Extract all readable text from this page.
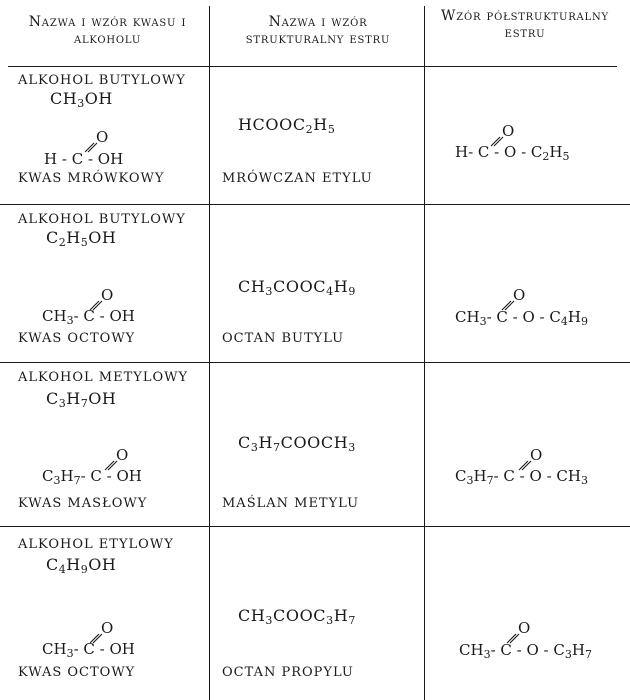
Nazwa i wzór kwasu i alkoholu
Nazwa i wzór strukturalny estru
Wzór półstrukturalny estru
ALKOHOL BUTYLOWY
$CH_3OH$
O
H - C - OH
KWAS MRÓWKOWY
$HCOOC_2H_5$
MRÓWCZAN ETYLU
O
H- C - O - $C_2H_5$
ALKOHOL BUTYLOWY
$C_2H_5OH$
O
$CH_3-$ C - OH
KWAS OCTOWY
$CH_3COOC_4H_9$
OCTAN BUTYLU
O
$CH_3-$ C - O - $C_4H_9$
ALKOHOL METYLOWY
$C_3H_7OH$
O
$C_3H_7-$ C - OH
KWAS MASŁOWY
$C_3H_7COOCH_3$
MAŚLAN METYLU
O
$C_3H_7-$ C - O - $CH_3$
ALKOHOL ETYLOWY
$C_4H_9OH$
O
$CH_3-$ C - OH
KWAS OCTOWY
$CH_3COOC_3H_7$
OCTAN PROPYLU
O
$CH_3-$ C - O - $C_3H_7$
